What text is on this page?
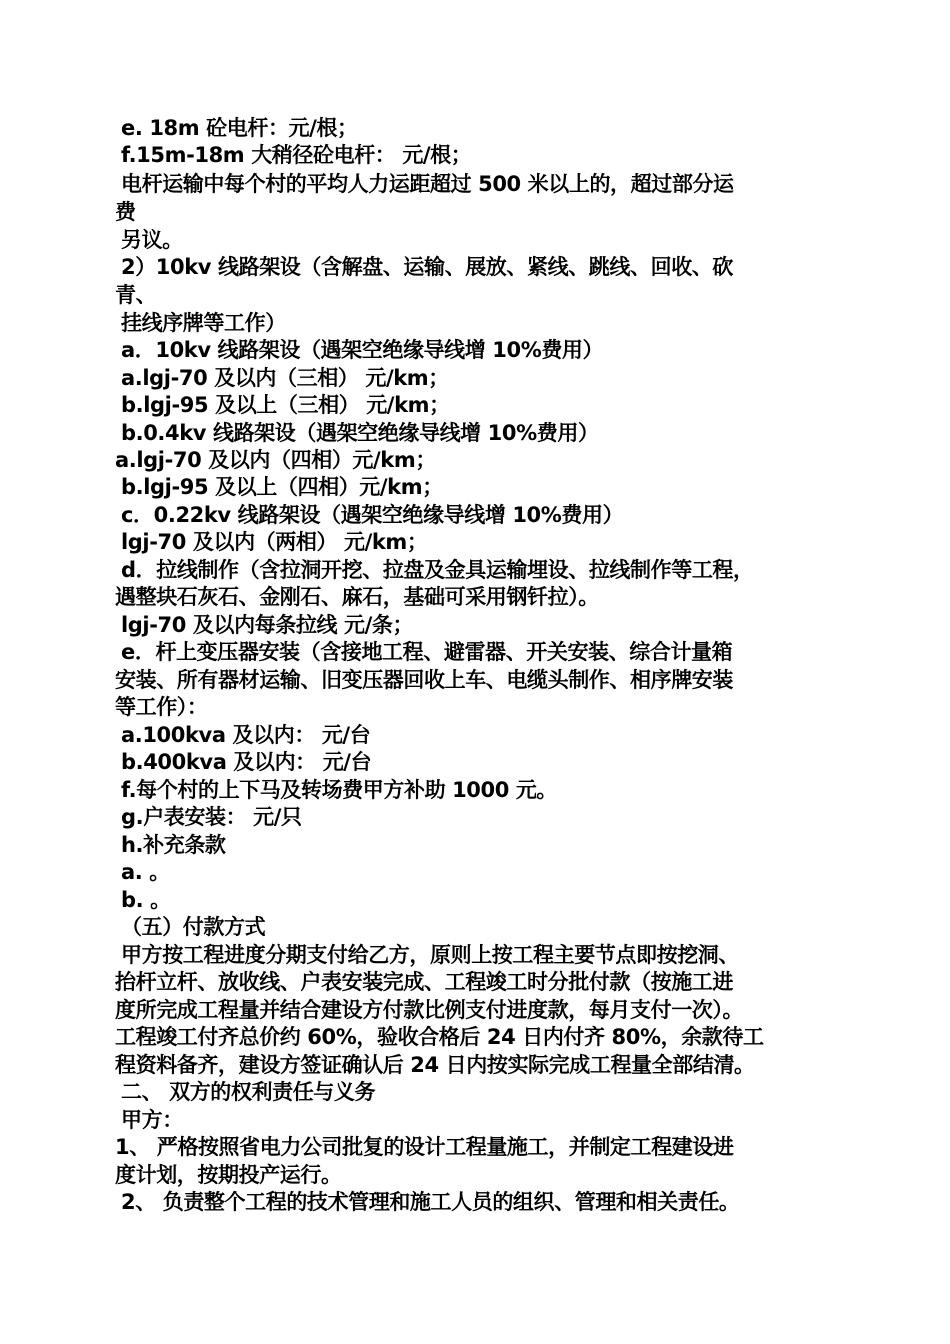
e. 18m 砼电杆：元/根；
f.15m-18m 大稍径砼电杆： 元/根；
电杆运输中每个村的平均人力运距超过 500 米以上的，超过部分运
费
另议。
2）10kv 线路架设（含解盘、运输、展放、紧线、跳线、回收、砍
青、
挂线序牌等工作）
a．10kv 线路架设（遇架空绝缘导线增 10%费用）
a.lgj-70 及以内（三相） 元/km；
b.lgj-95 及以上（三相） 元/km；
b.0.4kv 线路架设（遇架空绝缘导线增 10%费用）
a.lgj-70 及以内（四相）元/km；
b.lgj-95 及以上（四相）元/km；
c．0.22kv 线路架设（遇架空绝缘导线增 10%费用）
lgj-70 及以内（两相） 元/km；
d．拉线制作（含拉洞开挖、拉盘及金具运输埋设、拉线制作等工程，
遇整块石灰石、金刚石、麻石，基础可采用钢钎拉）。
lgj-70 及以内每条拉线 元/条；
e．杆上变压器安装（含接地工程、避雷器、开关安装、综合计量箱
安装、所有器材运输、旧变压器回收上车、电缆头制作、相序牌安装
等工作）：
a.100kva 及以内： 元/台
b.400kva 及以内： 元/台
f.每个村的上下马及转场费甲方补助 1000 元。
g.户表安装： 元/只
h.补充条款
a. 。
b. 。
（五）付款方式
甲方按工程进度分期支付给乙方，原则上按工程主要节点即按挖洞、
抬杆立杆、放收线、户表安装完成、工程竣工时分批付款（按施工进
度所完成工程量并结合建设方付款比例支付进度款，每月支付一次）。
工程竣工付齐总价约 60%，验收合格后 24 日内付齐 80%，余款待工
程资料备齐，建设方签证确认后 24 日内按实际完成工程量全部结清。
二、 双方的权利责任与义务
甲方：
1、 严格按照省电力公司批复的设计工程量施工，并制定工程建设进
度计划，按期投产运行。
2、 负责整个工程的技术管理和施工人员的组织、管理和相关责任。
